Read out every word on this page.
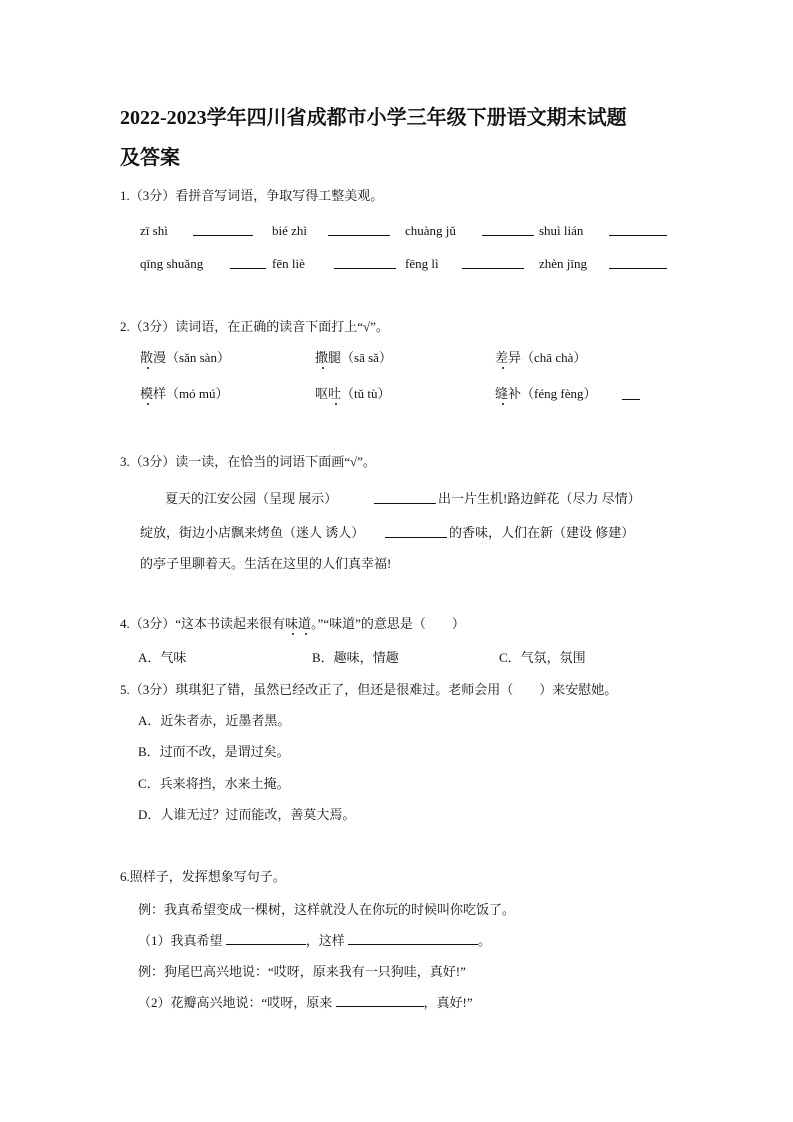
2022-2023学年四川省成都市小学三年级下册语文期末试题
及答案
1.（3分）看拼音写词语，争取写得工整美观。
zī shì	bié zhì	chuàng jǔ	shuì lián
qīng shuǎng	fēn liè	fēng lì	zhèn jīng
2.（3分）读词语，在正确的读音下面打上“√”。
散漫（sǎn sàn）	撒腿（sā sǎ）	差异（chā chà）
模样（mó mú）	呕吐（tǔ tù）	缝补（féng fèng）
3.（3分）读一读，在恰当的词语下面画“√”。
夏天的江安公园（呈现 展示）	出一片生机!路边鲜花（尽力 尽情）
绽放，街边小店飘来烤鱼（迷人 诱人）	的香味，人们在新（建设 修建）
的亭子里聊着天。生活在这里的人们真幸福!
4.（3分）“这本书读起来很有味道。”“味道”的意思是（　　）
A．气味	B．趣味，情趣	C．气氛，氛围
5.（3分）琪琪犯了错，虽然已经改正了，但还是很难过。老师会用（　　）来安慰她。
A．近朱者赤，近墨者黑。
B．过而不改，是谓过矣。
C．兵来将挡，水来土掩。
D．人谁无过？过而能改，善莫大焉。
6.照样子，发挥想象写句子。
例：我真希望变成一棵树，这样就没人在你玩的时候叫你吃饭了。
（1）我真希望	，这样	。
例：狗尾巴高兴地说：“哎呀，原来我有一只狗哇，真好!”
（2）花瓣高兴地说：“哎呀，原来	，真好!”
